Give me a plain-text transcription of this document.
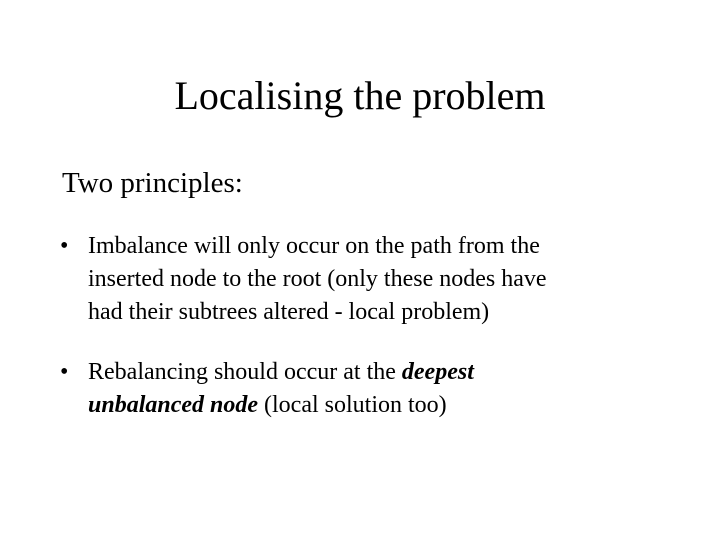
Localising the problem

Two principles:

• Imbalance will only occur on the path from the
inserted node to the root (only these nodes have
had their subtrees altered - local problem)
• Rebalancing should occur at the deepest
unbalanced node (local solution too)
